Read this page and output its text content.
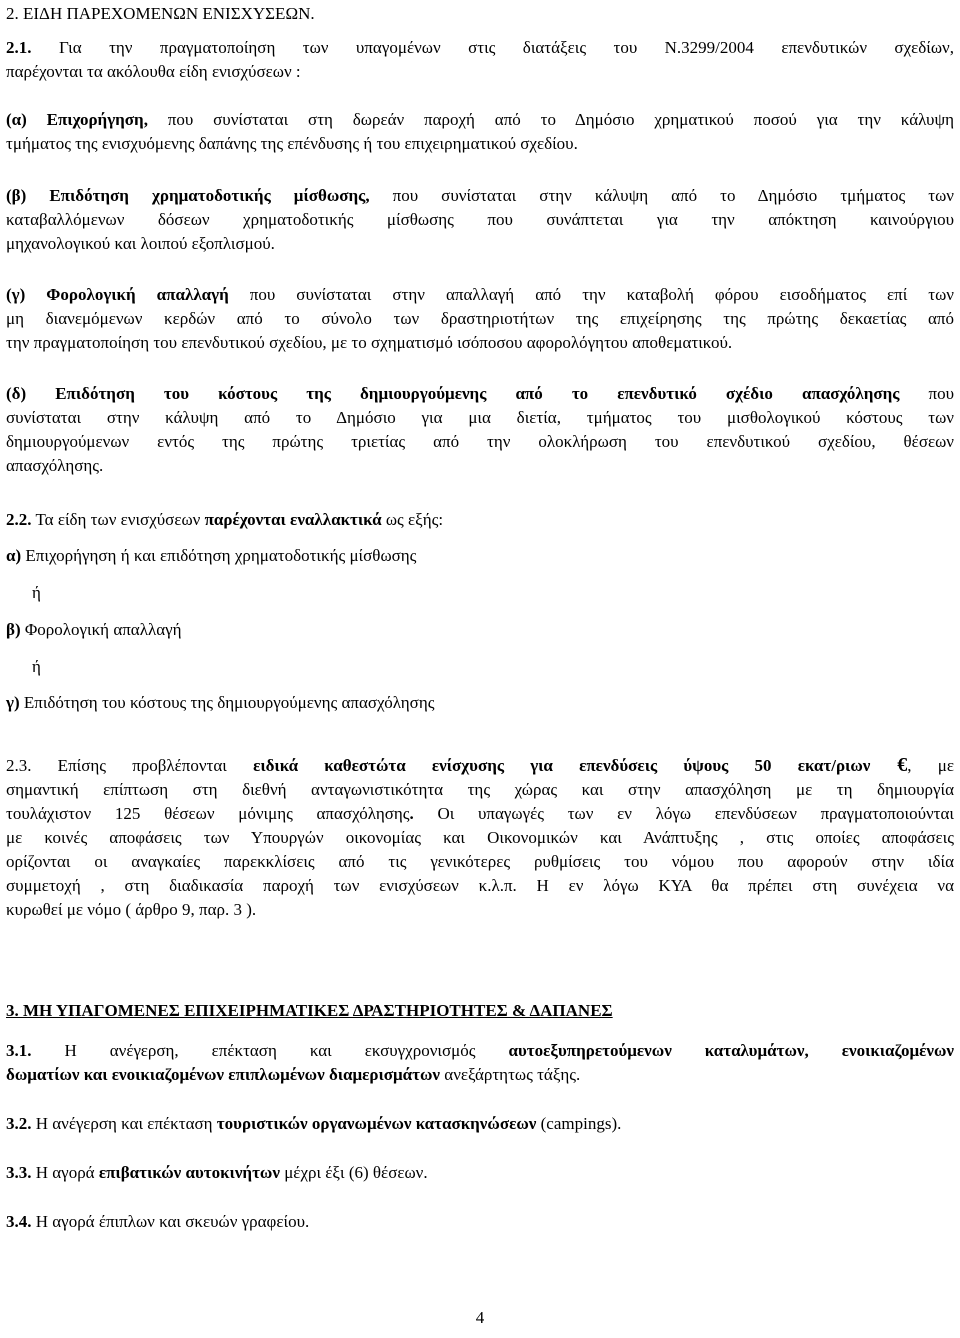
2. ΕΙΔΗ ΠΑΡΕΧΟΜΕΝΩΝ ΕΝΙΣΧΥΣΕΩΝ.
2.1. Για την πραγματοποίηση των υπαγομένων στις διατάξεις του Ν.3299/2004 επενδυτικών σχεδίων,
παρέχονται τα ακόλουθα είδη ενισχύσεων :
(α) Επιχορήγηση, που συνίσταται στη δωρεάν παροχή από το Δημόσιο χρηματικού ποσού για την κάλυψη
τμήματος της ενισχυόμενης δαπάνης της επένδυσης ή του επιχειρηματικού σχεδίου.
(β) Επιδότηση χρηματοδοτικής μίσθωσης, που συνίσταται στην κάλυψη από το Δημόσιο τμήματος των
καταβαλλόμενων δόσεων χρηματοδοτικής μίσθωσης που συνάπτεται για την απόκτηση καινούργιου
μηχανολογικού και λοιπού εξοπλισμού.
(γ) Φορολογική απαλλαγή που συνίσταται στην απαλλαγή από την καταβολή φόρου εισοδήματος επί των
μη διανεμόμενων κερδών από το σύνολο των δραστηριοτήτων της επιχείρησης της πρώτης δεκαετίας από
την πραγματοποίηση του επενδυτικού σχεδίου, με το σχηματισμό ισόποσου αφορολόγητου αποθεματικού.
(δ) Επιδότηση του κόστους της δημιουργούμενης από το επενδυτικό σχέδιο απασχόλησης που
συνίσταται στην κάλυψη από το Δημόσιο για μια διετία, τμήματος του μισθολογικού κόστους των
δημιουργούμενων εντός της πρώτης τριετίας από την ολοκλήρωση του επενδυτικού σχεδίου, θέσεων
απασχόλησης.
2.2. Τα είδη των ενισχύσεων παρέχονται εναλλακτικά ως εξής:
α) Επιχορήγηση ή και επιδότηση χρηματοδοτικής μίσθωσης
ή
β) Φορολογική απαλλαγή
ή
γ) Επιδότηση του κόστους της δημιουργούμενης απασχόλησης
2.3. Επίσης προβλέπονται ειδικά καθεστώτα ενίσχυσης για επενδύσεις ύψους 50 εκατ/ριων €, με
σημαντική επίπτωση στη διεθνή ανταγωνιστικότητα της χώρας και στην απασχόληση με τη δημιουργία
τουλάχιστον 125 θέσεων μόνιμης απασχόλησης. Οι υπαγωγές των εν λόγω επενδύσεων πραγματοποιούνται
με κοινές αποφάσεις των Υπουργών οικονομίας και Οικονομικών και Ανάπτυξης , στις οποίες αποφάσεις
ορίζονται οι αναγκαίες παρεκκλίσεις από τις γενικότερες ρυθμίσεις του νόμου που αφορούν στην ιδία
συμμετοχή , στη διαδικασία παροχή των ενισχύσεων κ.λ.π. Η εν λόγω ΚΥΑ θα πρέπει στη συνέχεια να
κυρωθεί με νόμο ( άρθρο 9, παρ. 3 ).
3. ΜΗ ΥΠΑΓΟΜΕΝΕΣ ΕΠΙΧΕΙΡΗΜΑΤΙΚΕΣ ΔΡΑΣΤΗΡΙΟΤΗΤΕΣ & ΔΑΠΑΝΕΣ
3.1. Η ανέγερση, επέκταση και εκσυγχρονισμός αυτοεξυπηρετούμενων καταλυμάτων, ενοικιαζομένων
δωματίων και ενοικιαζομένων επιπλωμένων διαμερισμάτων ανεξάρτητως τάξης.
3.2. Η ανέγερση και επέκταση τουριστικών οργανωμένων κατασκηνώσεων (campings).
3.3. Η αγορά επιβατικών αυτοκινήτων μέχρι έξι (6) θέσεων.
3.4. Η αγορά έπιπλων και σκευών γραφείου.
4
